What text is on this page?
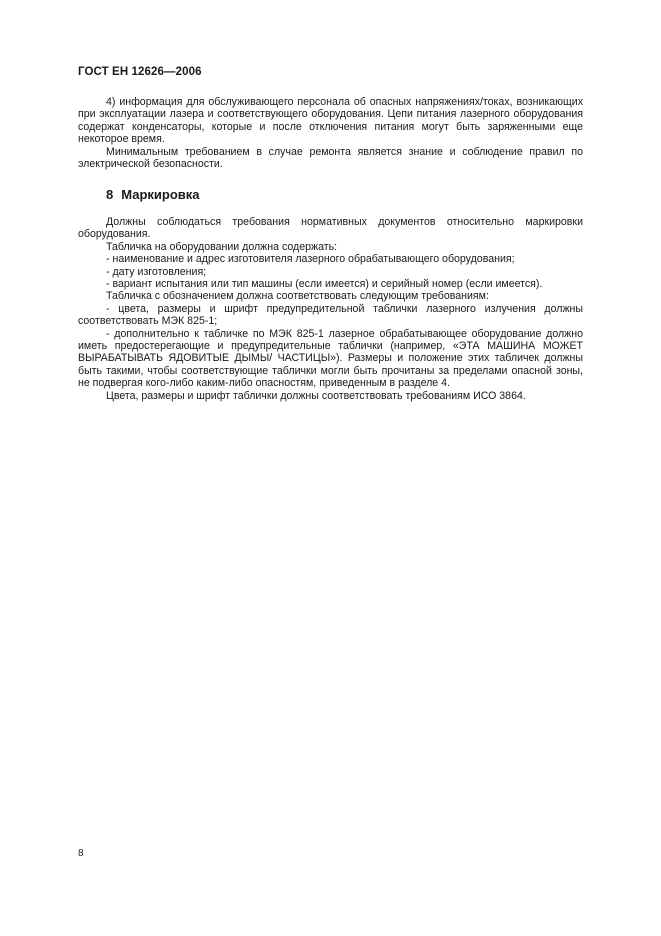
ГОСТ ЕН 12626—2006

4) информация для обслуживающего персонала об опасных напряжениях/токах, возникающих при эксплуатации лазера и соответствующего оборудования. Цепи питания лазерного оборудования содержат конденсаторы, которые и после отключения питания могут быть заряженными еще некоторое время.

Минимальным требованием в случае ремонта является знание и соблюдение правил по электрической безопасности.

8 Маркировка

Должны соблюдаться требования нормативных документов относительно маркировки оборудования.

Табличка на оборудовании должна содержать:

- наименование и адрес изготовителя лазерного обрабатывающего оборудования;

- дату изготовления;

- вариант испытания или тип машины (если имеется) и серийный номер (если имеется).

Табличка с обозначением должна соответствовать следующим требованиям:

- цвета, размеры и шрифт предупредительной таблички лазерного излучения должны соответствовать МЭК 825-1;

- дополнительно к табличке по МЭК 825-1 лазерное обрабатывающее оборудование должно иметь предостерегающие и предупредительные таблички (например, «ЭТА МАШИНА МОЖЕТ ВЫРАБАТЫВАТЬ ЯДОВИТЫЕ ДЫМЫ/ ЧАСТИЦЫ»). Размеры и положение этих табличек должны быть такими, чтобы соответствующие таблички могли быть прочитаны за пределами опасной зоны, не подвергая кого-либо каким-либо опасностям, приведенным в разделе 4.

Цвета, размеры и шрифт таблички должны соответствовать требованиям ИСО 3864.

8
